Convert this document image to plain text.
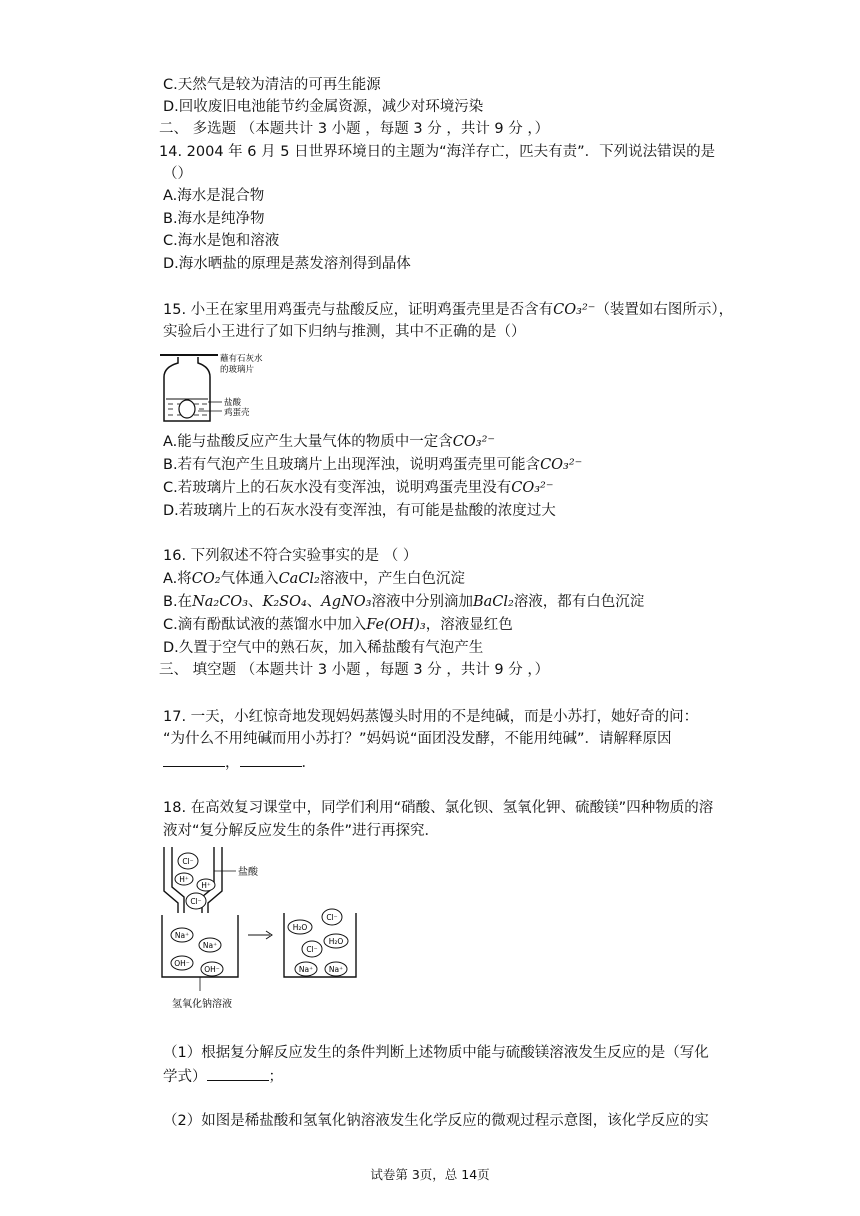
C.天然气是较为清洁的可再生能源
D.回收废旧电池能节约金属资源，减少对环境污染
二、 多选题 （本题共计 3 小题 ，每题 3 分 ，共计 9 分 ，）
14. 2004 年 6 月 5 日世界环境日的主题为“海洋存亡，匹夫有责”．下列说法错误的是
（）
A.海水是混合物
B.海水是纯净物
C.海水是饱和溶液
D.海水晒盐的原理是蒸发溶剂得到晶体
15. 小王在家里用鸡蛋壳与盐酸反应，证明鸡蛋壳里是否含有CO₃²⁻（装置如右图所示），
实验后小王进行了如下归纳与推测，其中不正确的是（）
盐酸
鸡蛋壳
蘸有石灰水
的玻璃片
A.能与盐酸反应产生大量气体的物质中一定含CO₃²⁻
B.若有气泡产生且玻璃片上出现浑浊，说明鸡蛋壳里可能含CO₃²⁻
C.若玻璃片上的石灰水没有变浑浊，说明鸡蛋壳里没有CO₃²⁻
D.若玻璃片上的石灰水没有变浑浊，有可能是盐酸的浓度过大
16. 下列叙述不符合实验事实的是 （ ）
A.将CO₂气体通入CaCl₂溶液中，产生白色沉淀
B.在Na₂CO₃、K₂SO₄、AgNO₃溶液中分别滴加BaCl₂溶液，都有白色沉淀
C.滴有酚酞试液的蒸馏水中加入Fe(OH)₃，溶液显红色
D.久置于空气中的熟石灰，加入稀盐酸有气泡产生
三、 填空题 （本题共计 3 小题 ，每题 3 分 ，共计 9 分 ，）
17. 一天，小红惊奇地发现妈妈蒸馒头时用的不是纯碱，而是小苏打，她好奇的问：
“为什么不用纯碱而用小苏打？”妈妈说“面团没发酵，不能用纯碱”．请解释原因
，	．
18. 在高效复习课堂中，同学们利用“硝酸、氯化钡、氢氧化钾、硫酸镁”四种物质的溶
液对“复分解反应发生的条件”进行再探究．
盐酸
氢氧化钠溶液
Cl⁻
H⁺
H⁺
Cl⁻
Na⁺
Na⁺
OH⁻
OH⁻
Cl⁻
H₂O
H₂O
Cl⁻
Na⁺ Na⁺
（1）根据复分解反应发生的条件判断上述物质中能与硫酸镁溶液发生反应的是（写化
学式）	；
（2）如图是稀盐酸和氢氧化钠溶液发生化学反应的微观过程示意图，该化学反应的实
试卷第 3页，总 14页
